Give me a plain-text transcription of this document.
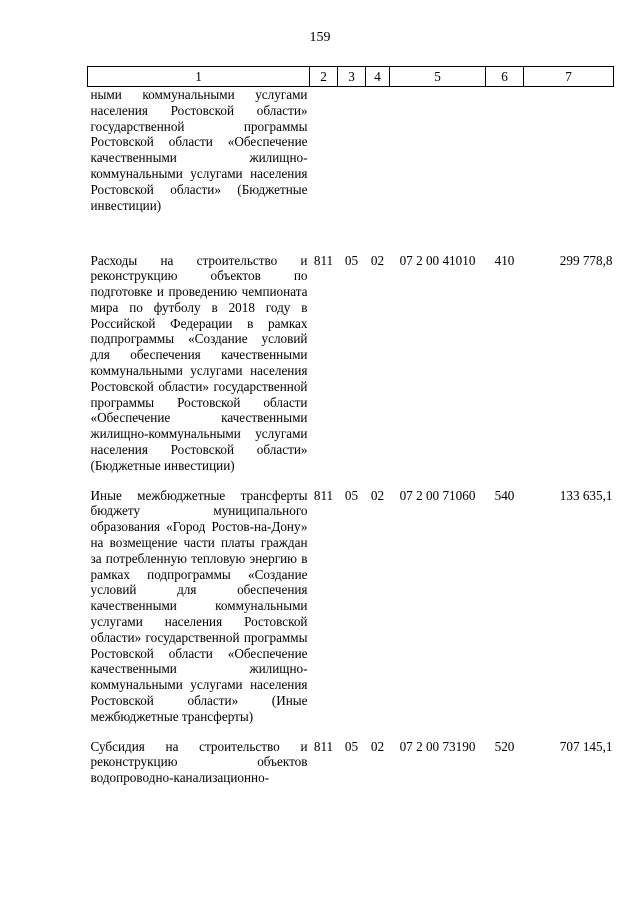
159
1	2	3	4	5	6	7
ными коммунальными услугами населения Ростовской области» государственной программы Ростовской области «Обеспечение качественными жилищно-коммунальными услугами населения Ростовской области» (Бюджетные инвестиции)						
Расходы на строительство и реконструкцию объектов по подготовке и проведению чемпионата мира по футболу в 2018 году в Российской Федерации в рамках подпрограммы «Создание условий для обеспечения качественными коммунальными услугами населения Ростовской области» государственной программы Ростовской области «Обеспечение качественными жилищно-коммунальными услугами населения Ростовской области» (Бюджетные инвестиции)	811	05	02	07 2 00 41010	410	299 778,8
Иные межбюджетные трансферты бюджету муниципального образования «Город Ростов-на-Дону» на возмещение части платы граждан за потребленную тепловую энергию в рамках подпрограммы «Создание условий для обеспечения качественными коммунальными услугами населения Ростовской области» государственной программы Ростовской области «Обеспечение качественными жилищно-коммунальными услугами населения Ростовской области» (Иные межбюджетные трансферты)	811	05	02	07 2 00 71060	540	133 635,1
Субсидия на строительство и реконструкцию объектов водопроводно-канализационно-	811	05	02	07 2 00 73190	520	707 145,1
